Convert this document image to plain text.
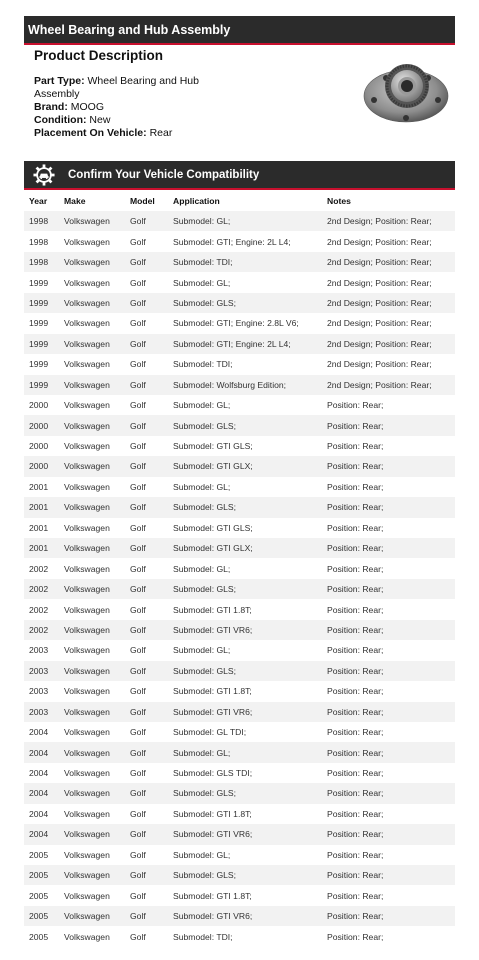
Wheel Bearing and Hub Assembly
Product Description
Part Type: Wheel Bearing and Hub Assembly
Brand: MOOG
Condition: New
Placement On Vehicle: Rear
Confirm Your Vehicle Compatibility
Year	Make	Model	Application	Notes
1998	Volkswagen	Golf	Submodel: GL;	2nd Design; Position: Rear;
1998	Volkswagen	Golf	Submodel: GTI; Engine: 2L L4;	2nd Design; Position: Rear;
1998	Volkswagen	Golf	Submodel: TDI;	2nd Design; Position: Rear;
1999	Volkswagen	Golf	Submodel: GL;	2nd Design; Position: Rear;
1999	Volkswagen	Golf	Submodel: GLS;	2nd Design; Position: Rear;
1999	Volkswagen	Golf	Submodel: GTI; Engine: 2.8L V6;	2nd Design; Position: Rear;
1999	Volkswagen	Golf	Submodel: GTI; Engine: 2L L4;	2nd Design; Position: Rear;
1999	Volkswagen	Golf	Submodel: TDI;	2nd Design; Position: Rear;
1999	Volkswagen	Golf	Submodel: Wolfsburg Edition;	2nd Design; Position: Rear;
2000	Volkswagen	Golf	Submodel: GL;	Position: Rear;
2000	Volkswagen	Golf	Submodel: GLS;	Position: Rear;
2000	Volkswagen	Golf	Submodel: GTI GLS;	Position: Rear;
2000	Volkswagen	Golf	Submodel: GTI GLX;	Position: Rear;
2001	Volkswagen	Golf	Submodel: GL;	Position: Rear;
2001	Volkswagen	Golf	Submodel: GLS;	Position: Rear;
2001	Volkswagen	Golf	Submodel: GTI GLS;	Position: Rear;
2001	Volkswagen	Golf	Submodel: GTI GLX;	Position: Rear;
2002	Volkswagen	Golf	Submodel: GL;	Position: Rear;
2002	Volkswagen	Golf	Submodel: GLS;	Position: Rear;
2002	Volkswagen	Golf	Submodel: GTI 1.8T;	Position: Rear;
2002	Volkswagen	Golf	Submodel: GTI VR6;	Position: Rear;
2003	Volkswagen	Golf	Submodel: GL;	Position: Rear;
2003	Volkswagen	Golf	Submodel: GLS;	Position: Rear;
2003	Volkswagen	Golf	Submodel: GTI 1.8T;	Position: Rear;
2003	Volkswagen	Golf	Submodel: GTI VR6;	Position: Rear;
2004	Volkswagen	Golf	Submodel: GL TDI;	Position: Rear;
2004	Volkswagen	Golf	Submodel: GL;	Position: Rear;
2004	Volkswagen	Golf	Submodel: GLS TDI;	Position: Rear;
2004	Volkswagen	Golf	Submodel: GLS;	Position: Rear;
2004	Volkswagen	Golf	Submodel: GTI 1.8T;	Position: Rear;
2004	Volkswagen	Golf	Submodel: GTI VR6;	Position: Rear;
2005	Volkswagen	Golf	Submodel: GL;	Position: Rear;
2005	Volkswagen	Golf	Submodel: GLS;	Position: Rear;
2005	Volkswagen	Golf	Submodel: GTI 1.8T;	Position: Rear;
2005	Volkswagen	Golf	Submodel: GTI VR6;	Position: Rear;
2005	Volkswagen	Golf	Submodel: TDI;	Position: Rear;
